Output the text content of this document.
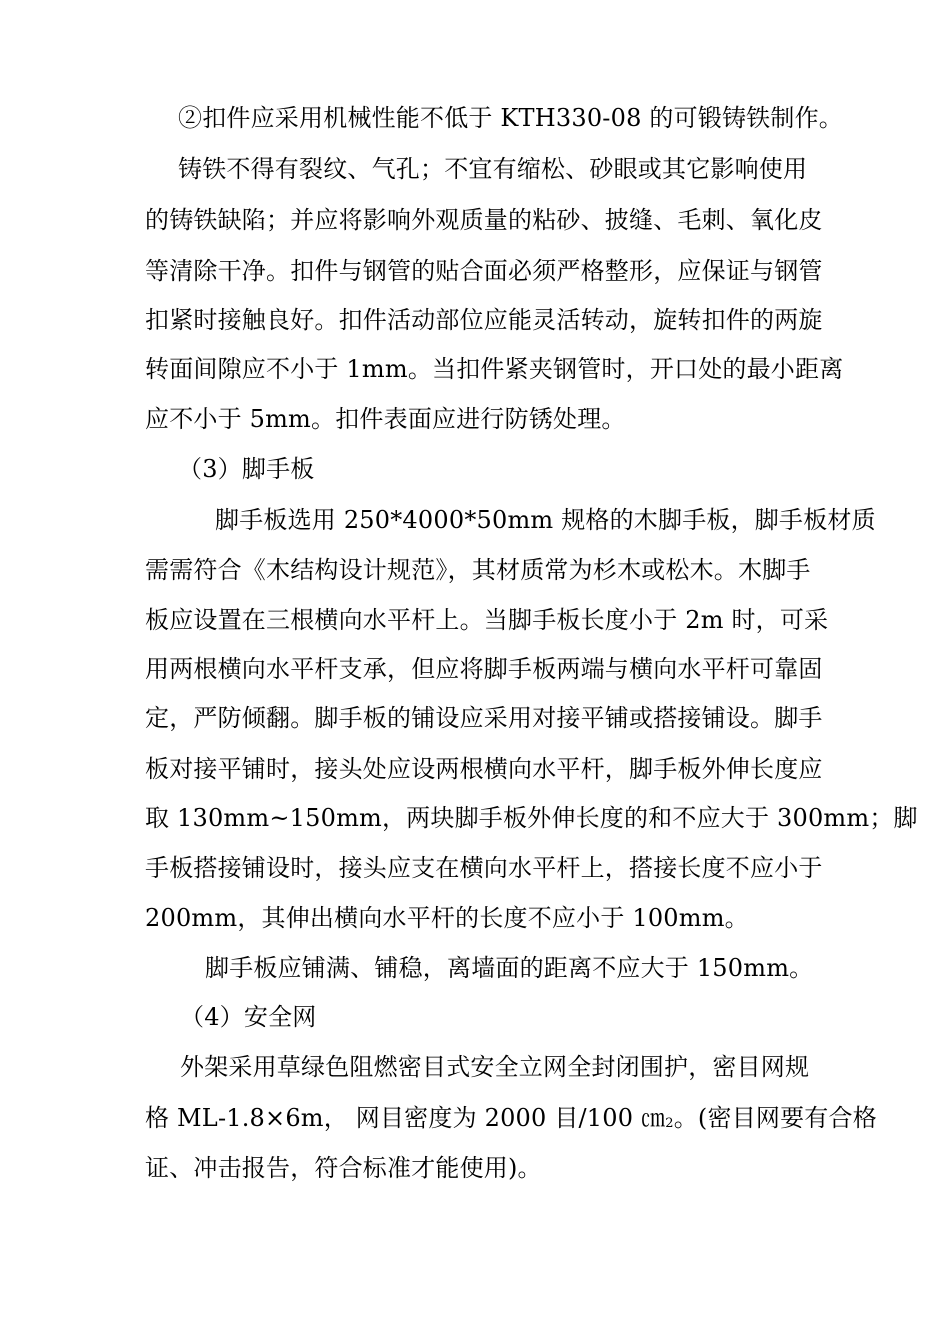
②扣件应采用机械性能不低于 KTH330-08 的可锻铸铁制作。
铸铁不得有裂纹、气孔；不宜有缩松、砂眼或其它影响使用
的铸铁缺陷；并应将影响外观质量的粘砂、披缝、毛刺、氧化皮
等清除干净。扣件与钢管的贴合面必须严格整形，应保证与钢管
扣紧时接触良好。扣件活动部位应能灵活转动，旋转扣件的两旋
转面间隙应不小于 1mm。当扣件紧夹钢管时，开口处的最小距离
应不小于 5mm。扣件表面应进行防锈处理。
（3）脚手板
脚手板选用 250*4000*50mm 规格的木脚手板，脚手板材质
需需符合《木结构设计规范》，其材质常为杉木或松木。木脚手
板应设置在三根横向水平杆上。当脚手板长度小于 2m 时，可采
用两根横向水平杆支承，但应将脚手板两端与横向水平杆可靠固
定，严防倾翻。脚手板的铺设应采用对接平铺或搭接铺设。脚手
板对接平铺时，接头处应设两根横向水平杆，脚手板外伸长度应
取 130mm~150mm，两块脚手板外伸长度的和不应大于 300mm；脚
手板搭接铺设时，接头应支在横向水平杆上，搭接长度不应小于
200mm，其伸出横向水平杆的长度不应小于 100mm。
脚手板应铺满、铺稳，离墙面的距离不应大于 150mm。
（4）安全网
外架采用草绿色阻燃密目式安全立网全封闭围护，密目网规
格 ML-1.8×6m， 网目密度为 2000 目/100 ㎝2。(密目网要有合格
证、冲击报告，符合标准才能使用)。
